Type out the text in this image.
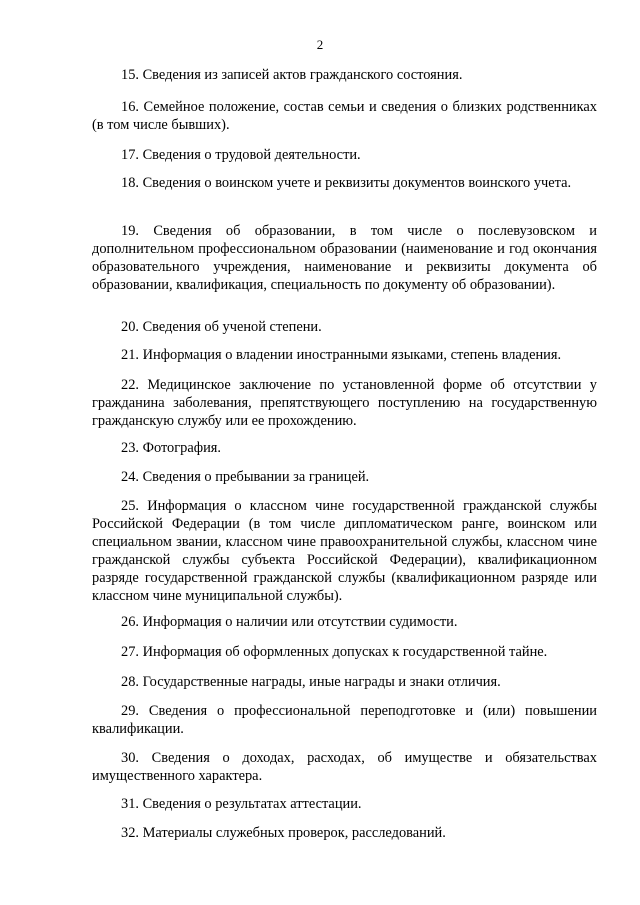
2

15. Сведения из записей актов гражданского состояния.

16. Семейное положение, состав семьи и сведения о близких родственниках (в том числе бывших).

17. Сведения о трудовой деятельности.

18. Сведения о воинском учете и реквизиты документов воинского учета.

19. Сведения об образовании, в том числе о послевузовском и дополнительном профессиональном образовании (наименование и год окончания образовательного учреждения, наименование и реквизиты документа об образовании, квалификация, специальность по документу об образовании).

20. Сведения об ученой степени.

21. Информация о владении иностранными языками, степень владения.

22. Медицинское заключение по установленной форме об отсутствии у гражданина заболевания, препятствующего поступлению на государственную гражданскую службу или ее прохождению.

23. Фотография.

24. Сведения о пребывании за границей.

25. Информация о классном чине государственной гражданской службы Российской Федерации (в том числе дипломатическом ранге, воинском или специальном звании, классном чине правоохранительной службы, классном чине гражданской службы субъекта Российской Федерации), квалификационном разряде государственной гражданской службы (квалификационном разряде или классном чине муниципальной службы).

26. Информация о наличии или отсутствии судимости.

27. Информация об оформленных допусках к государственной тайне.

28. Государственные награды, иные награды и знаки отличия.

29. Сведения о профессиональной переподготовке и (или) повышении квалификации.

30. Сведения о доходах, расходах, об имуществе и обязательствах имущественного характера.

31. Сведения о результатах аттестации.

32. Материалы служебных проверок, расследований.
